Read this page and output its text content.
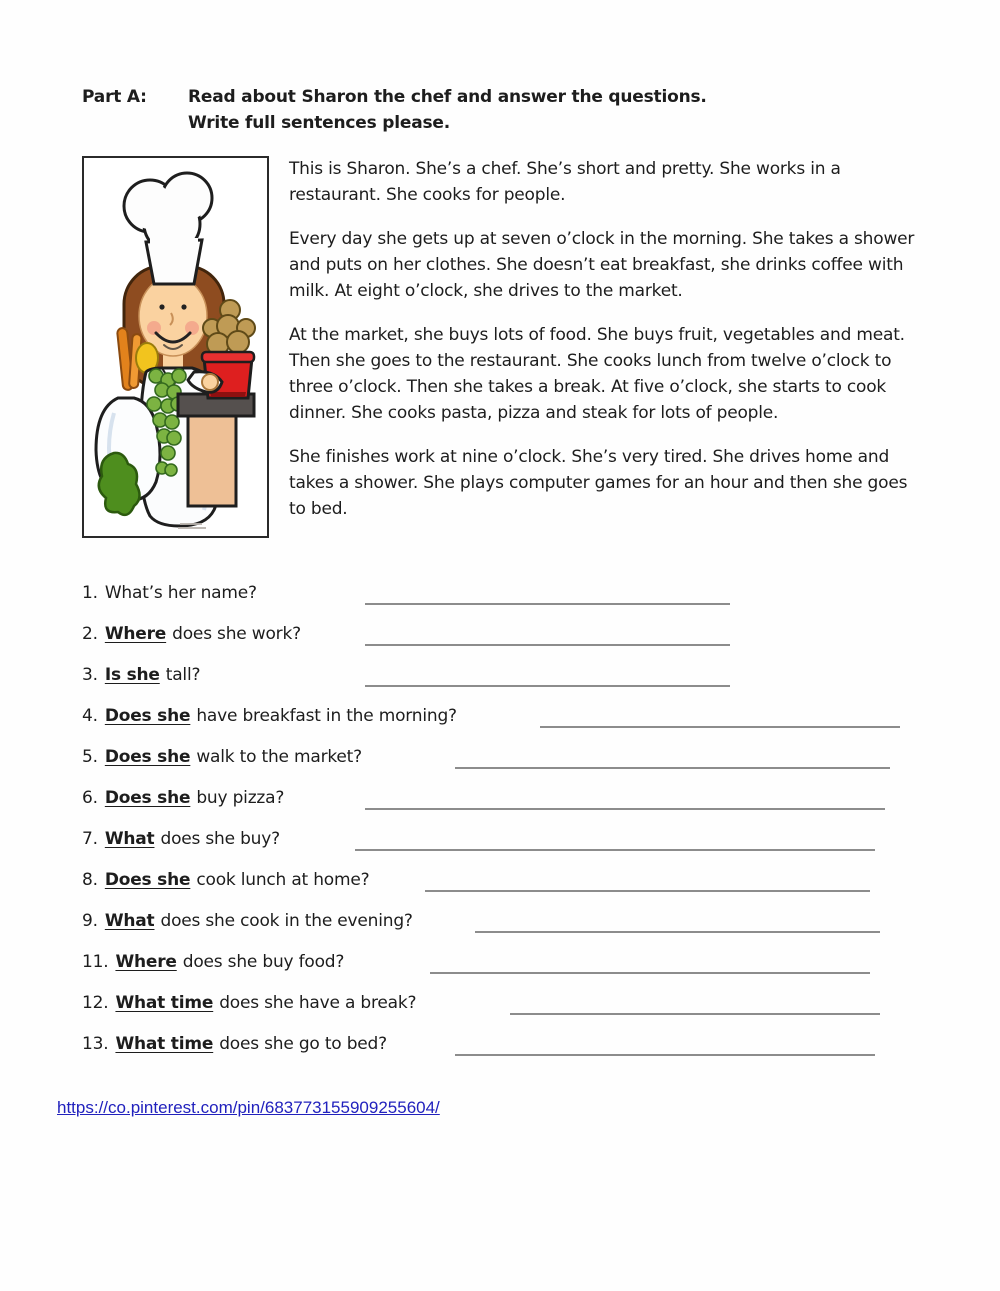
Part A:	Read about Sharon the chef and answer the questions.
Write full sentences please.

This is Sharon. She’s a chef. She’s short and pretty. She works in a restaurant. She cooks for people.

Every day she gets up at seven o’clock in the morning. She takes a shower and puts on her clothes. She doesn’t eat breakfast, she drinks coffee with milk. At eight o’clock, she drives to the market.

At the market, she buys lots of food. She buys fruit, vegetables and meat. Then she goes to the restaurant. She cooks lunch from twelve o’clock to three o’clock. Then she takes a break. At five o’clock, she starts to cook dinner. She cooks pasta, pizza and steak for lots of people.

She finishes work at nine o’clock. She’s very tired. She drives home and takes a shower. She plays computer games for an hour and then she goes to bed.

1. What’s her name?
2. Where does she work?
3. Is she tall?
4. Does she have breakfast in the morning?
5. Does she walk to the market?
6. Does she buy pizza?
7. What does she buy?
8. Does she cook lunch at home?
9. What does she cook in the evening?
11. Where does she buy food?
12. What time does she have a break?
13. What time does she go to bed?
https://co.pinterest.com/pin/683773155909255604/
